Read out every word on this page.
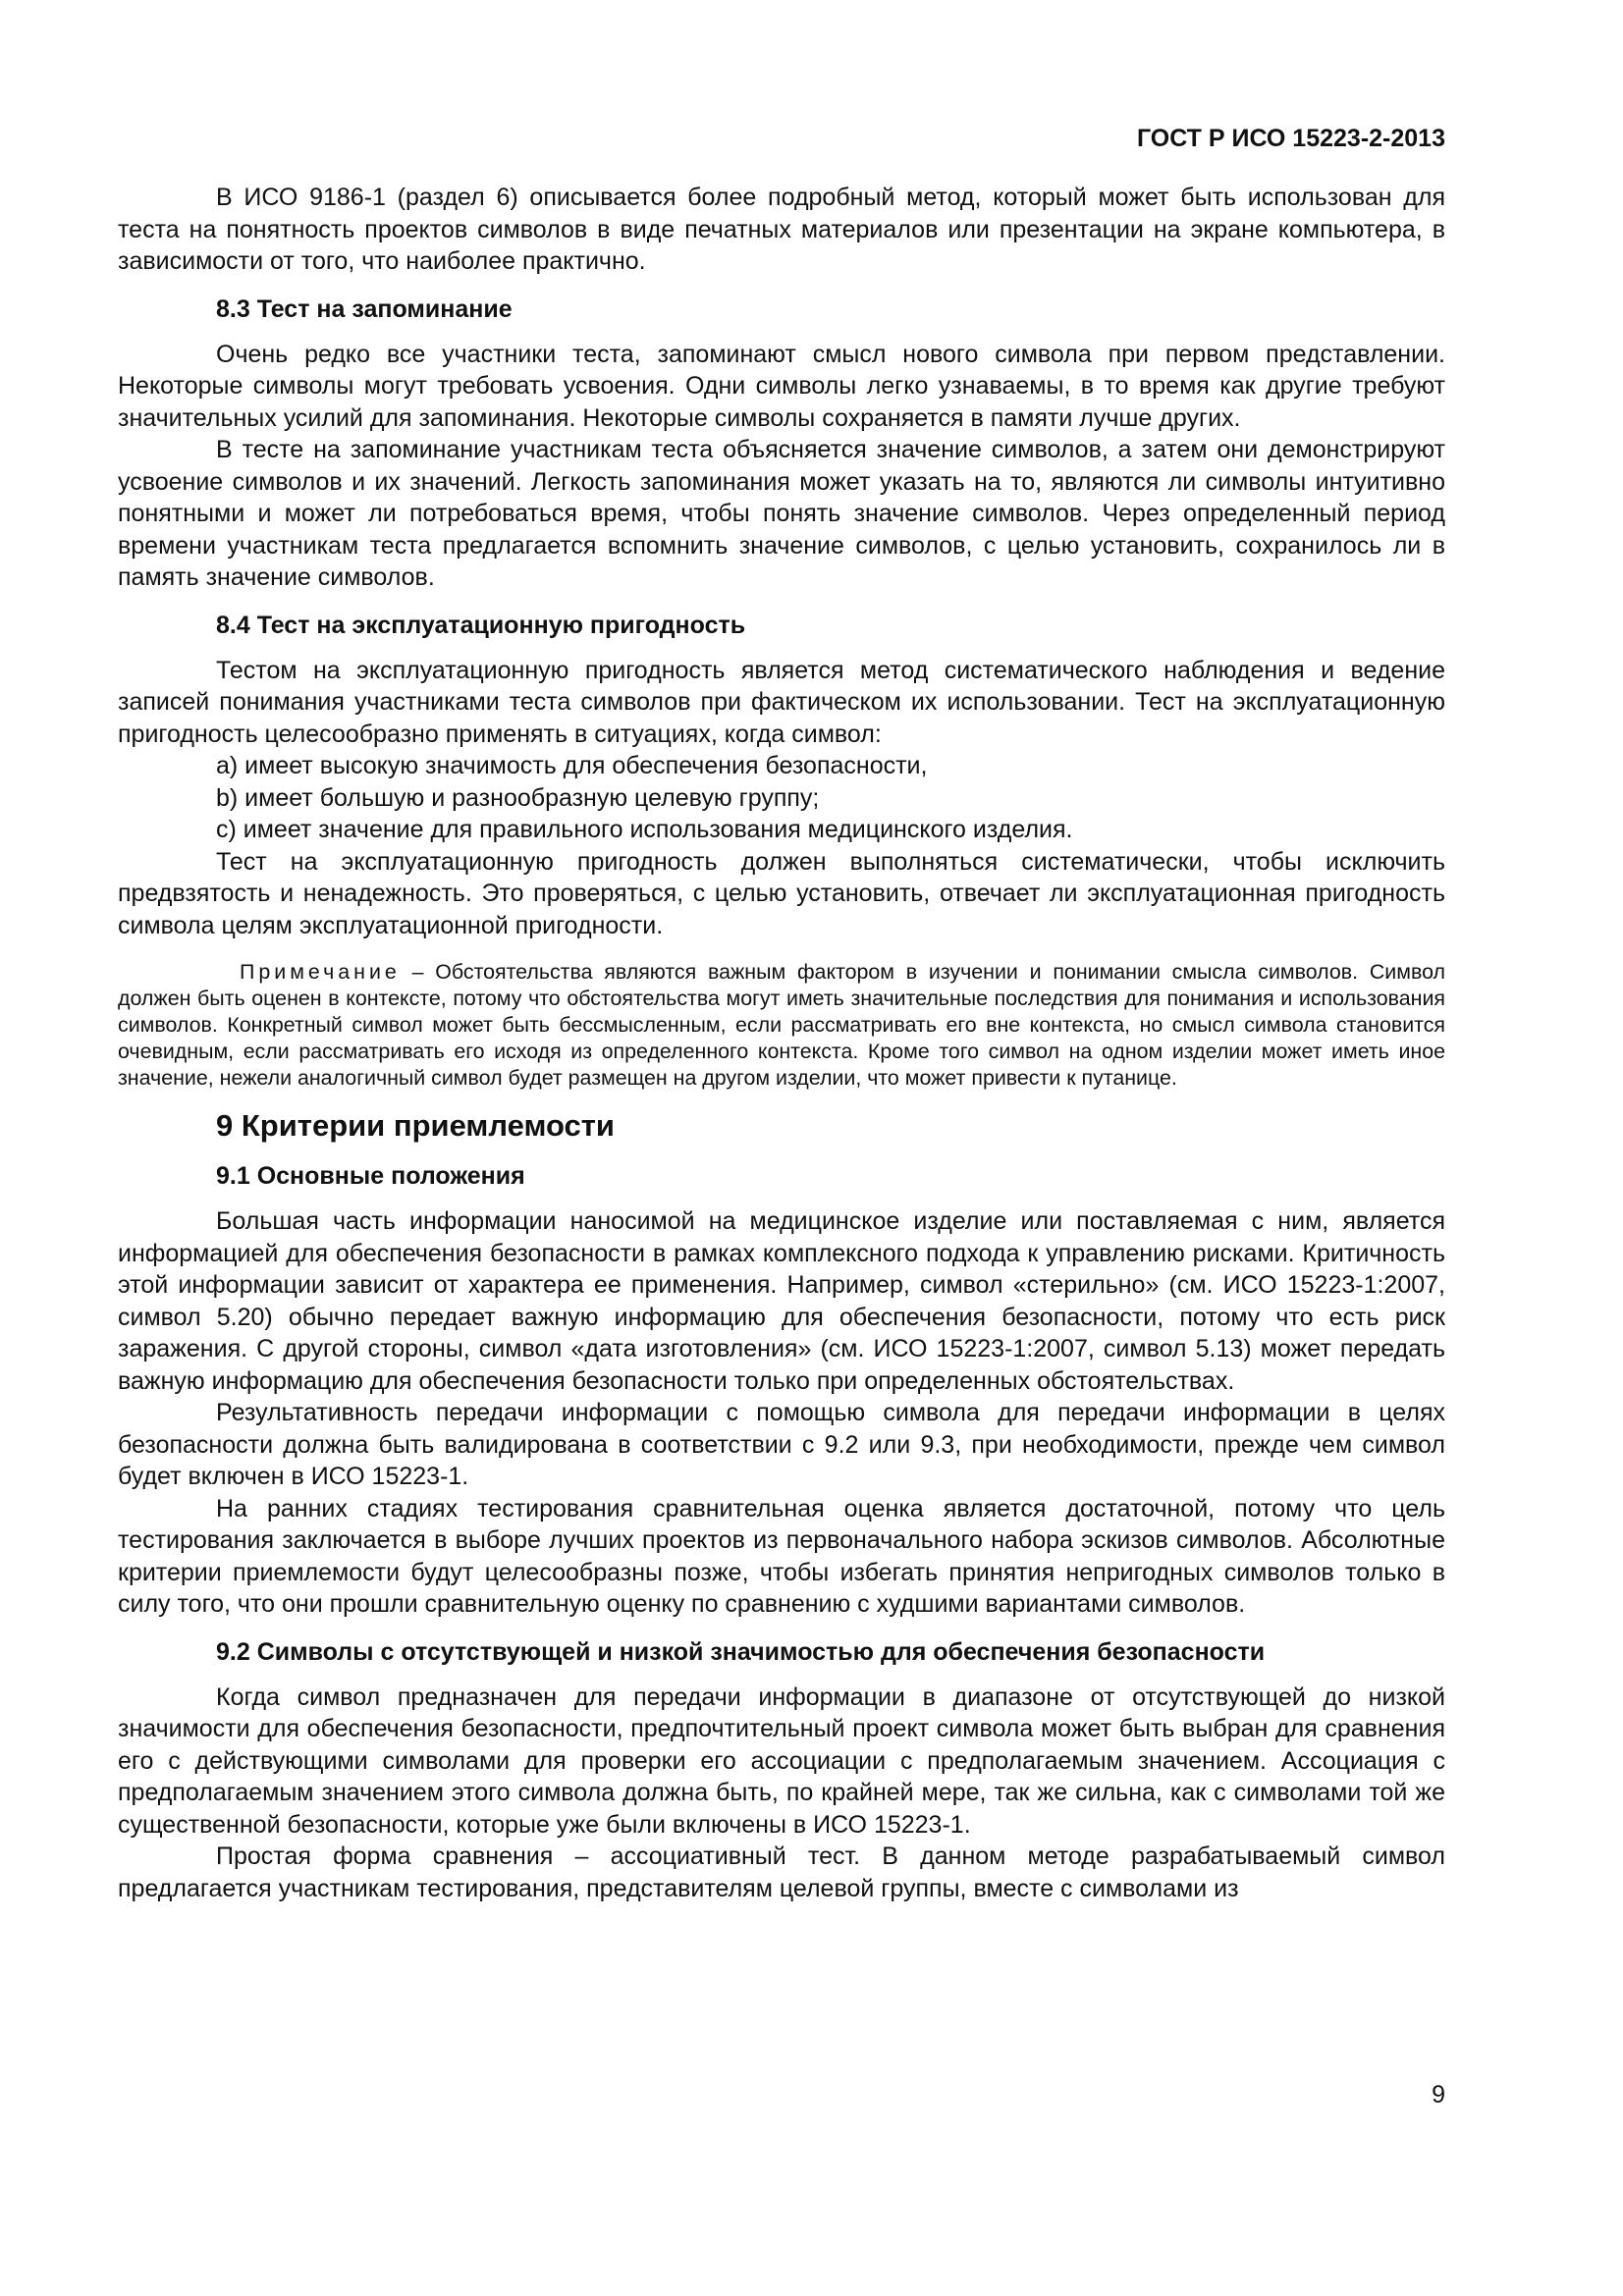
ГОСТ Р ИСО 15223-2-2013

В ИСО 9186-1 (раздел 6) описывается более подробный метод, который может быть использован для теста на понятность проектов символов в виде печатных материалов или презентации на экране компьютера, в зависимости от того, что наиболее практично.

8.3 Тест на запоминание

Очень редко все участники теста, запоминают смысл нового символа при первом представлении. Некоторые символы могут требовать усвоения. Одни символы легко узнаваемы, в то время как другие требуют значительных усилий для запоминания. Некоторые символы сохраняется в памяти лучше других.

В тесте на запоминание участникам теста объясняется значение символов, а затем они демонстрируют усвоение символов и их значений. Легкость запоминания может указать на то, являются ли символы интуитивно понятными и может ли потребоваться время, чтобы понять значение символов. Через определенный период времени участникам теста предлагается вспомнить значение символов, с целью установить, сохранилось ли в память значение символов.

8.4 Тест на эксплуатационную пригодность

Тестом на эксплуатационную пригодность является метод систематического наблюдения и ведение записей понимания участниками теста символов при фактическом их использовании. Тест на эксплуатационную пригодность целесообразно применять в ситуациях, когда символ:

a) имеет высокую значимость для обеспечения безопасности,

b) имеет большую и разнообразную целевую группу;

c) имеет значение для правильного использования медицинского изделия.

Тест на эксплуатационную пригодность должен выполняться систематически, чтобы исключить предвзятость и ненадежность. Это проверяться, с целью установить, отвечает ли эксплуатационная пригодность символа целям эксплуатационной пригодности.

Примечание – Обстоятельства являются важным фактором в изучении и понимании смысла символов. Символ должен быть оценен в контексте, потому что обстоятельства могут иметь значительные последствия для понимания и использования символов. Конкретный символ может быть бессмысленным, если рассматривать его вне контекста, но смысл символа становится очевидным, если рассматривать его исходя из определенного контекста. Кроме того символ на одном изделии может иметь иное значение, нежели аналогичный символ будет размещен на другом изделии, что может привести к путанице.
9 Критерии приемлемости
9.1 Основные положения

Большая часть информации наносимой на медицинское изделие или поставляемая с ним, является информацией для обеспечения безопасности в рамках комплексного подхода к управлению рисками. Критичность этой информации зависит от характера ее применения. Например, символ «стерильно» (см. ИСО 15223-1:2007, символ 5.20) обычно передает важную информацию для обеспечения безопасности, потому что есть риск заражения. С другой стороны, символ «дата изготовления» (см. ИСО 15223-1:2007, символ 5.13) может передать важную информацию для обеспечения безопасности только при определенных обстоятельствах.

Результативность передачи информации с помощью символа для передачи информации в целях безопасности должна быть валидирована в соответствии с 9.2 или 9.3, при необходимости, прежде чем символ будет включен в ИСО 15223-1.

На ранних стадиях тестирования сравнительная оценка является достаточной, потому что цель тестирования заключается в выборе лучших проектов из первоначального набора эскизов символов. Абсолютные критерии приемлемости будут целесообразны позже, чтобы избегать принятия непригодных символов только в силу того, что они прошли сравнительную оценку по сравнению с худшими вариантами символов.

9.2 Символы с отсутствующей и низкой значимостью для обеспечения безопасности

Когда символ предназначен для передачи информации в диапазоне от отсутствующей до низкой значимости для обеспечения безопасности, предпочтительный проект символа может быть выбран для сравнения его с действующими символами для проверки его ассоциации с предполагаемым значением. Ассоциация с предполагаемым значением этого символа должна быть, по крайней мере, так же сильна, как с символами той же существенной безопасности, которые уже были включены в ИСО 15223-1.

Простая форма сравнения – ассоциативный тест. В данном методе разрабатываемый символ предлагается участникам тестирования, представителям целевой группы, вместе с символами из

9
